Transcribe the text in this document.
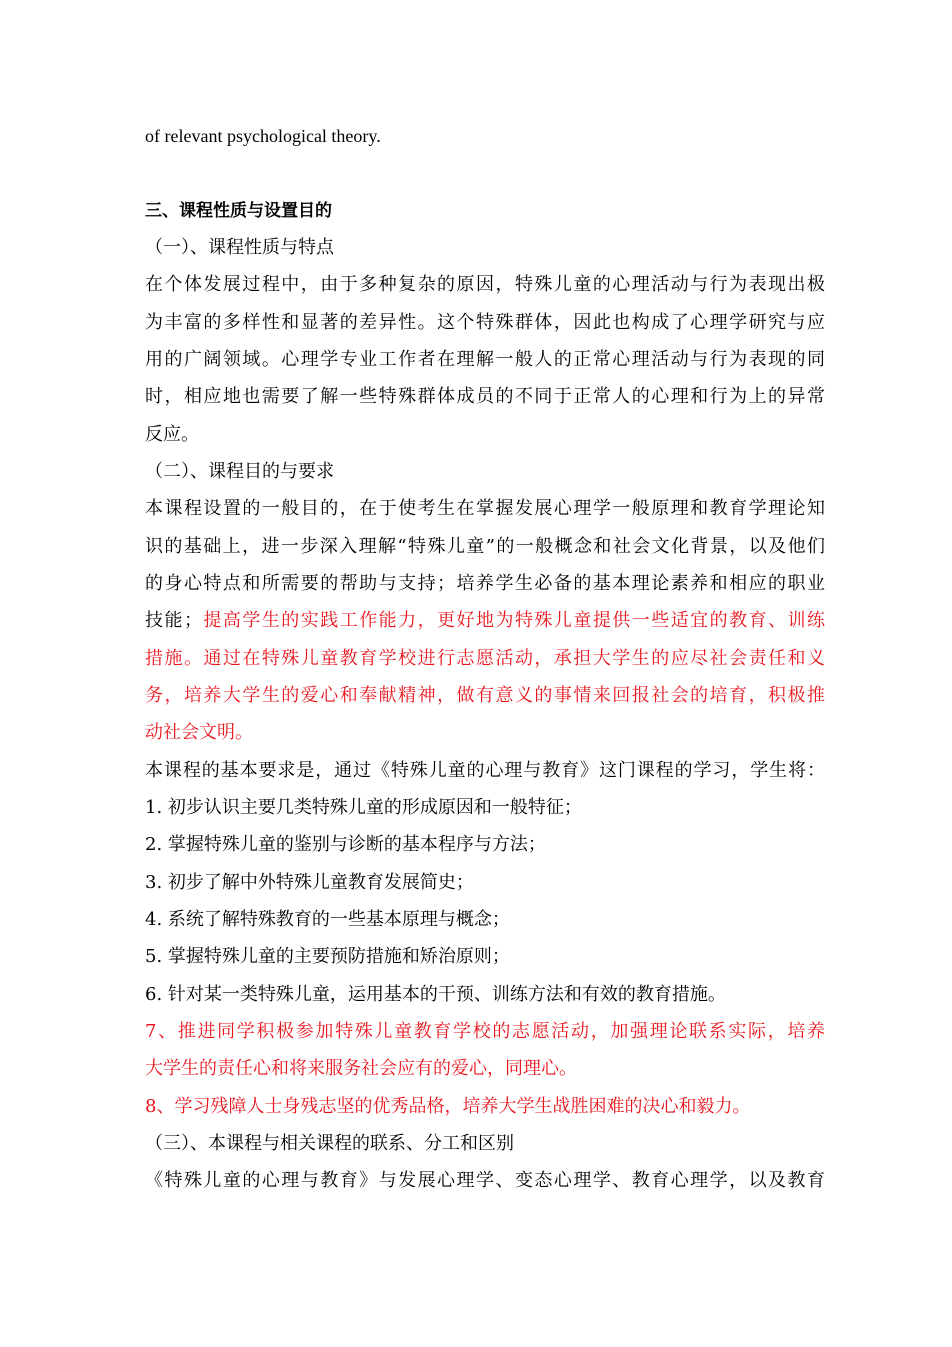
of relevant psychological theory.
三、课程性质与设置目的
（一）、课程性质与特点
在个体发展过程中，由于多种复杂的原因，特殊儿童的心理活动与行为表现出极
为丰富的多样性和显著的差异性。这个特殊群体，因此也构成了心理学研究与应
用的广阔领域。心理学专业工作者在理解一般人的正常心理活动与行为表现的同
时，相应地也需要了解一些特殊群体成员的不同于正常人的心理和行为上的异常
反应。
（二）、课程目的与要求
本课程设置的一般目的，在于使考生在掌握发展心理学一般原理和教育学理论知
识的基础上，进一步深入理解“特殊儿童”的一般概念和社会文化背景，以及他们
的身心特点和所需要的帮助与支持；培养学生必备的基本理论素养和相应的职业
技能；提高学生的实践工作能力，更好地为特殊儿童提供一些适宜的教育、训练
措施。通过在特殊儿童教育学校进行志愿活动，承担大学生的应尽社会责任和义
务，培养大学生的爱心和奉献精神，做有意义的事情来回报社会的培育，积极推
动社会文明。
本课程的基本要求是，通过《特殊儿童的心理与教育》这门课程的学习，学生将：
1. 初步认识主要几类特殊儿童的形成原因和一般特征；
2. 掌握特殊儿童的鉴别与诊断的基本程序与方法；
3. 初步了解中外特殊儿童教育发展简史；
4. 系统了解特殊教育的一些基本原理与概念；
5. 掌握特殊儿童的主要预防措施和矫治原则；
6. 针对某一类特殊儿童，运用基本的干预、训练方法和有效的教育措施。
7、推进同学积极参加特殊儿童教育学校的志愿活动，加强理论联系实际，培养
大学生的责任心和将来服务社会应有的爱心，同理心。
8、学习残障人士身残志坚的优秀品格，培养大学生战胜困难的决心和毅力。
（三）、本课程与相关课程的联系、分工和区别
《特殊儿童的心理与教育》与发展心理学、变态心理学、教育心理学，以及教育
